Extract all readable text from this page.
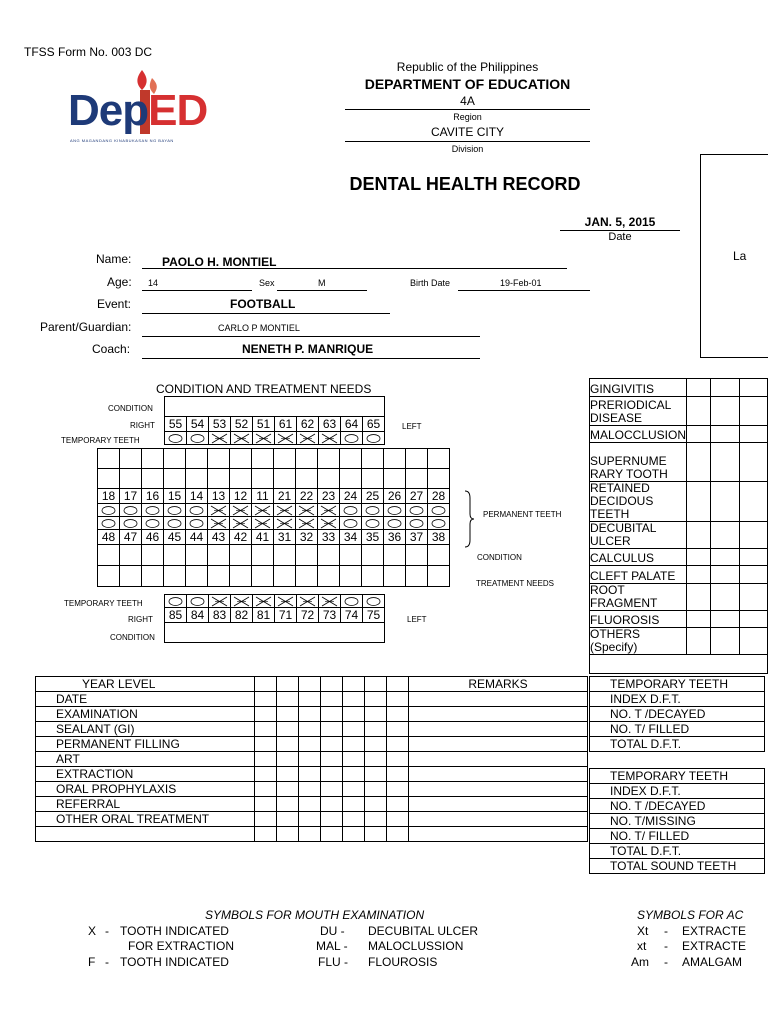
TFSS Form No. 003 DC
DepED
ANG MAGANDANG KINABUKASAN NG BAYAN
Republic of the Philippines
DEPARTMENT OF EDUCATION
4A
Region
CAVITE CITY
Division
DENTAL HEALTH RECORD
JAN. 5, 2015
Date
La
Name:	PAOLO H. MONTIEL
Age: 14	Sex	M	Birth Date	19-Feb-01
Event:	FOOTBALL
Parent/Guardian:	CARLO P MONTIEL
Coach:	NENETH P. MANRIQUE
CONDITION AND TREATMENT NEEDS
CONDITION
RIGHT	LEFT
TEMPORARY TEETH
PERMANENT TEETH
CONDITION
TREATMENT NEEDS
TEMPORARY TEETH
RIGHT	LEFT
CONDITION

55	54	53	52	51	61	62	63	64	65

18	17	16	15	14	13	12	11	21	22	23	24	25	26	27	28

48	47	46	45	44	43	42	41	31	32	33	34	35	36	37	38

85	84	83	82	81	71	72	73	74	75

GINGIVITIS			
PRERIODICAL DISEASE			
MALOCCLUSION			
SUPERNUME RARY TOOTH			
RETAINED DECIDOUS TEETH			
DECUBITAL ULCER			
CALCULUS			
CLEFT PALATE			
ROOT FRAGMENT			
FLUOROSIS			
OTHERS (Specify)			

YEAR LEVEL								REMARKS
DATE								
EXAMINATION								
SEALANT (GI)								
PERMANENT FILLING								
ART								
EXTRACTION								
ORAL PROPHYLAXIS								
REFERRAL								
OTHER ORAL TREATMENT								

TEMPORARY TEETH
INDEX D.F.T.
NO. T /DECAYED
NO. T/ FILLED
TOTAL D.F.T.
TEMPORARY TEETH
INDEX D.F.T.
NO. T /DECAYED
NO. T/MISSING
NO. T/ FILLED
TOTAL D.F.T.
TOTAL SOUND TEETH
SYMBOLS FOR MOUTH EXAMINATION	SYMBOLS FOR AC
X - TOOTH INDICATED
FOR EXTRACTION
F - TOOTH INDICATED
DU - DECUBITAL ULCER
MAL - MALOCLUSSION
FLU - FLOUROSIS
Xt - EXTRACTE
xt - EXTRACTE
Am - AMALGAM
